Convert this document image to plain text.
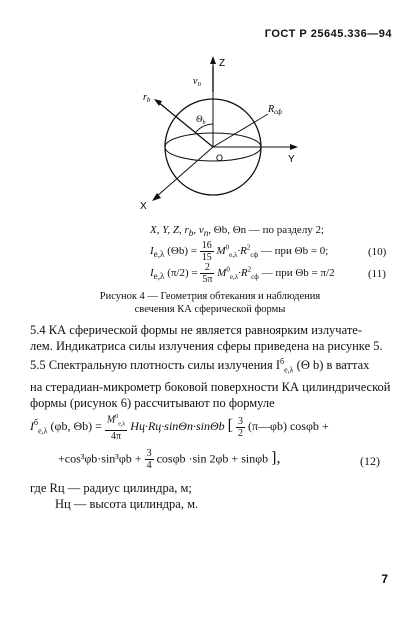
ГОСТ Р 25645.336—94
Z
Y
X
O
$R_{сф}$
$v_n$
$r_b$
$\Theta_b$
X, Y, Z, $r_b$, $v_n$, Θb, Θn — по разделу 2;
$I_{e,\lambda}$ $(\Theta b) = \frac{16}{15} M^0_{e,\lambda}\cdot R^2_{сф}$ — при Θb = 0;	(10)
$I_{e,\lambda}$ $(\pi/2) = \frac{2}{5\pi} M^0_{e,\lambda}\cdot R^2_{сф}$ — при Θb = π/2	(11)
Рисунок 4 — Геометрия обтекания и наблюдения
свечения КА сферической формы
5.4 КА сферической формы не является равноярким излучате-
лем. Индикатриса силы излучения сферы приведена на рисунке 5.
5.5 Спектральную плотность силы излучения $I^б_{e,\lambda}$ (Θ b) в ваттах
на стерадиан-микрометр боковой поверхности КА цилиндрической
формы (рисунок 6) рассчитывают по формуле
$I^б_{e,\lambda}$ (φb, $\Theta b) = \frac{M^0_{e,\lambda}}{4\pi} Hц\cdot Rц\cdot\sin\Theta п\cdot\sin\Theta b$ [ $\frac{3}{2}$ (π—φb) cosφb +
$+\cos^3\varphi b\cdot\sin^3\varphi b + \frac{3}{4}$ cosφb ·sin 2φb + sinφb ],	(12)
где Rц — радиус цилиндра, м;
Hц — высота цилиндра, м.
7
